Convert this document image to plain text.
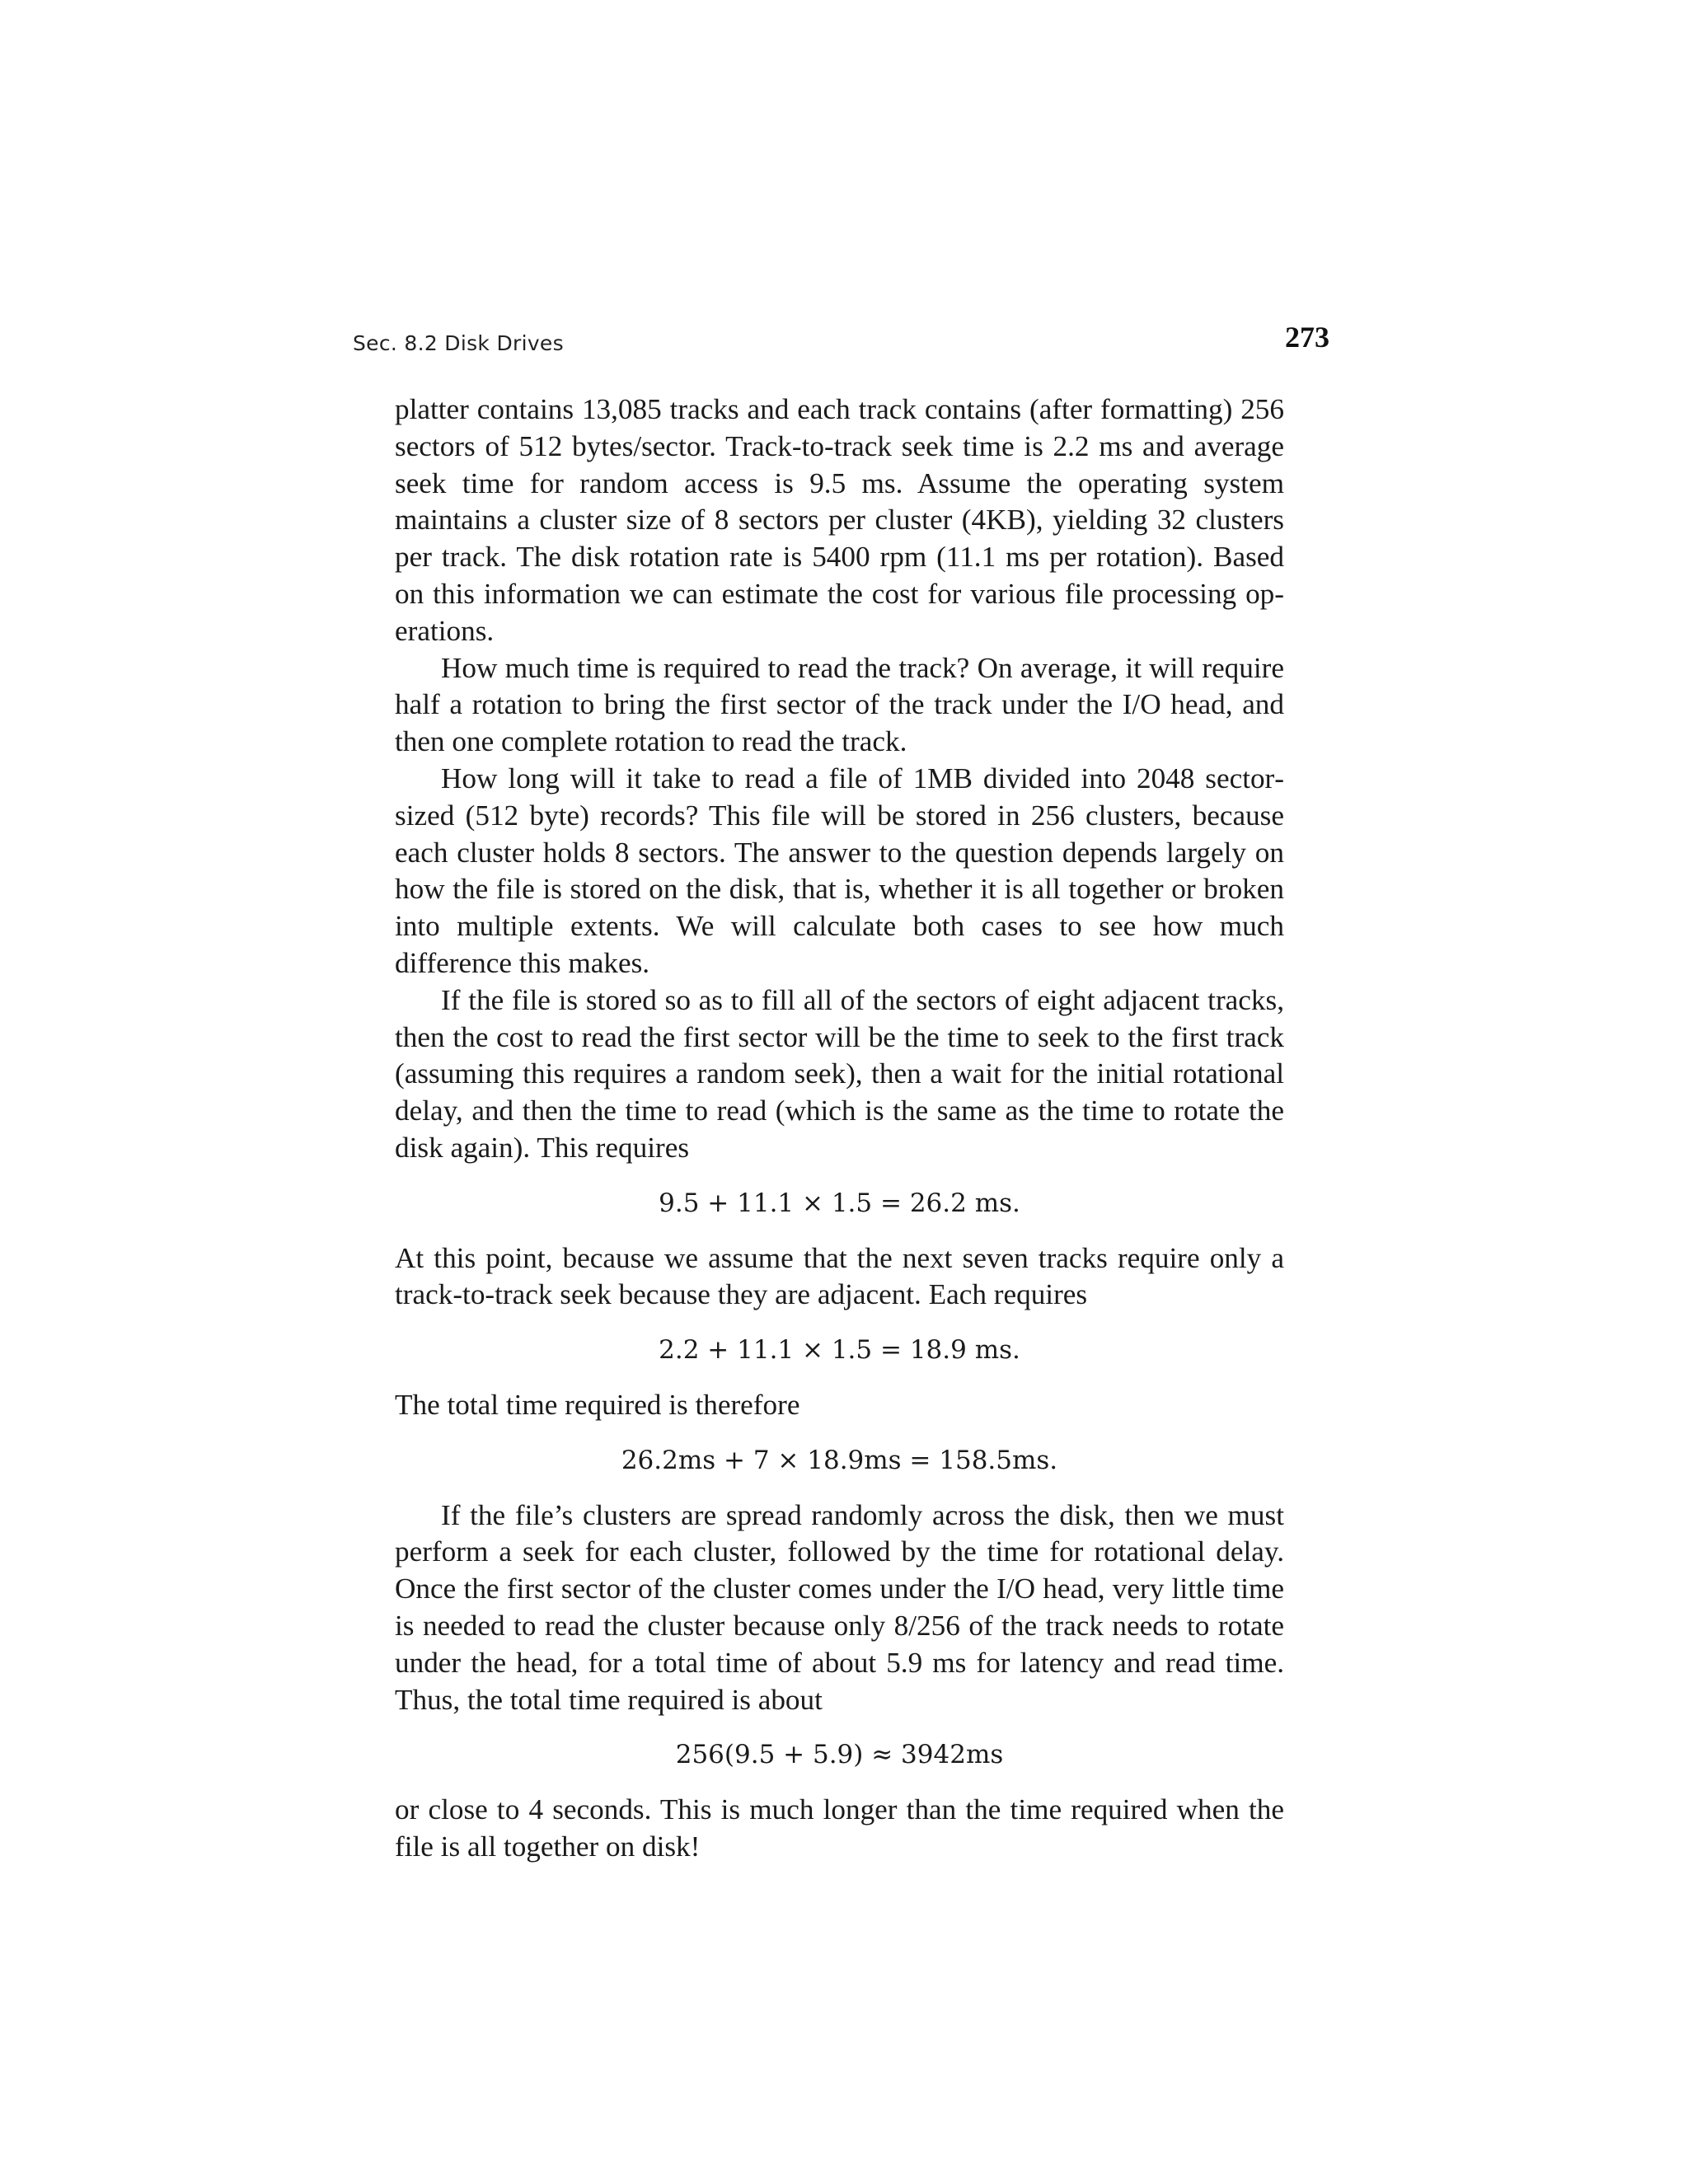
Sec. 8.2 Disk Drives	273

platter contains 13,085 tracks and each track contains (after formatting) 256 sectors of 512 bytes/sector. Track-to-track seek time is 2.2 ms and average seek time for random access is 9.5 ms. Assume the operating system maintains a cluster size of 8 sectors per cluster (4KB), yielding 32 clusters per track. The disk rotation rate is 5400 rpm (11.1 ms per rotation). Based on this information we can estimate the cost for various file processing operations.

How much time is required to read the track? On average, it will require half a rotation to bring the first sector of the track under the I/O head, and then one complete rotation to read the track.

How long will it take to read a file of 1MB divided into 2048 sectorsized (512 byte) records? This file will be stored in 256 clusters, because each cluster holds 8 sectors. The answer to the question depends largely on how the file is stored on the disk, that is, whether it is all together or broken into multiple extents. We will calculate both cases to see how much difference this makes.

If the file is stored so as to fill all of the sectors of eight adjacent tracks, then the cost to read the first sector will be the time to seek to the first track (assuming this requires a random seek), then a wait for the initial rotational delay, and then the time to read (which is the same as the time to rotate the disk again). This requires

9.5 + 11.1 × 1.5 = 26.2 ms.

At this point, because we assume that the next seven tracks require only a track-to-track seek because they are adjacent. Each requires

2.2 + 11.1 × 1.5 = 18.9 ms.

The total time required is therefore

26.2ms + 7 × 18.9ms = 158.5ms.

If the file’s clusters are spread randomly across the disk, then we must perform a seek for each cluster, followed by the time for rotational delay. Once the first sector of the cluster comes under the I/O head, very little time is needed to read the cluster because only 8/256 of the track needs to rotate under the head, for a total time of about 5.9 ms for latency and read time. Thus, the total time required is about

256(9.5 + 5.9) ≈ 3942ms

or close to 4 seconds. This is much longer than the time required when the file is all together on disk!
